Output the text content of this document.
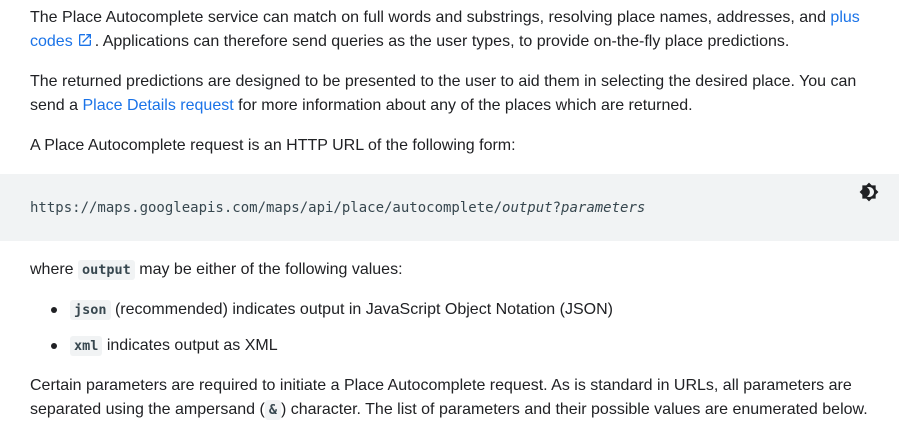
The Place Autocomplete service can match on full words and substrings, resolving place names, addresses, and plus codes . Applications can therefore send queries as the user types, to provide on-the-fly place predictions.

The returned predictions are designed to be presented to the user to aid them in selecting the desired place. You can send a Place Details request for more information about any of the places which are returned.

A Place Autocomplete request is an HTTP URL of the following form:

https://maps.googleapis.com/maps/api/place/autocomplete/output?parameters

where output may be either of the following values:

json (recommended) indicates output in JavaScript Object Notation (JSON)
xml indicates output as XML

Certain parameters are required to initiate a Place Autocomplete request. As is standard in URLs, all parameters are separated using the ampersand ( & ) character. The list of parameters and their possible values are enumerated below.
